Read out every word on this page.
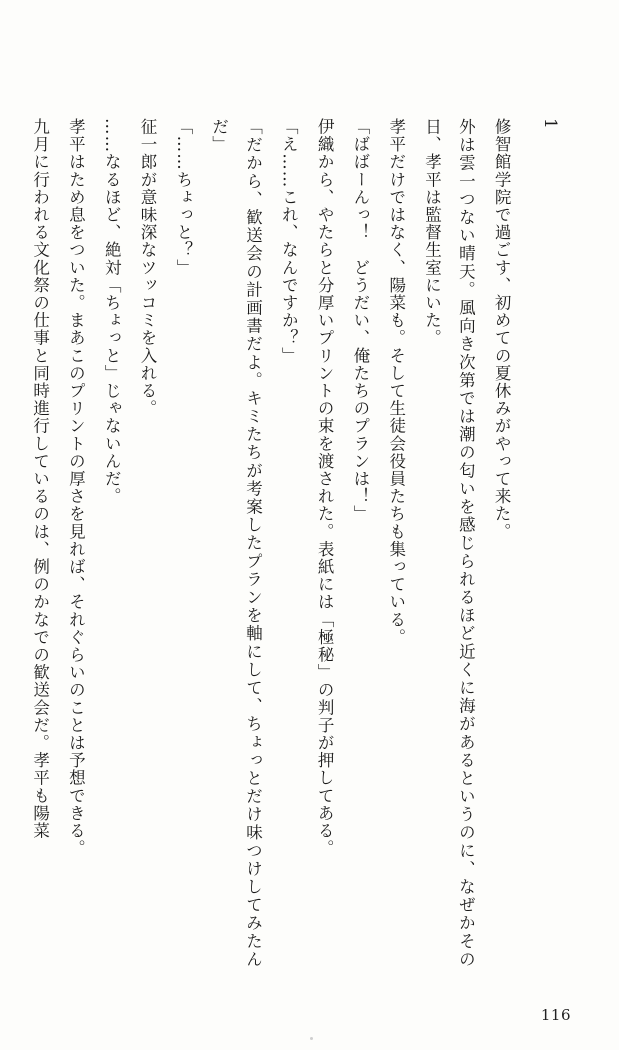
1
修智館学院で過ごす、初めての夏休みがやって来た。
外は雲一つない晴天。風向き次第では潮の匂いを感じられるほど近くに海があるというのに、なぜかその日、孝平は監督生室にいた。
孝平だけではなく、陽菜も。そして生徒会役員たちも集っている。
「ばばーんっ！　どうだい、俺たちのプランは！」
伊織から、やたらと分厚いプリントの束を渡された。表紙には「極秘」の判子が押してある。
「え……これ、なんですか？」
「だから、歓送会の計画書だよ。キミたちが考案したプランを軸にして、ちょっとだけ味つけしてみたんだ」
「……ちょっと？」
征一郎が意味深なツッコミを入れる。
……なるほど、絶対「ちょっと」じゃないんだ。
孝平はため息をついた。まあこのプリントの厚さを見れば、それぐらいのことは予想できる。
九月に行われる文化祭の仕事と同時進行しているのは、例のかなでの歓送会だ。孝平も陽菜
116
